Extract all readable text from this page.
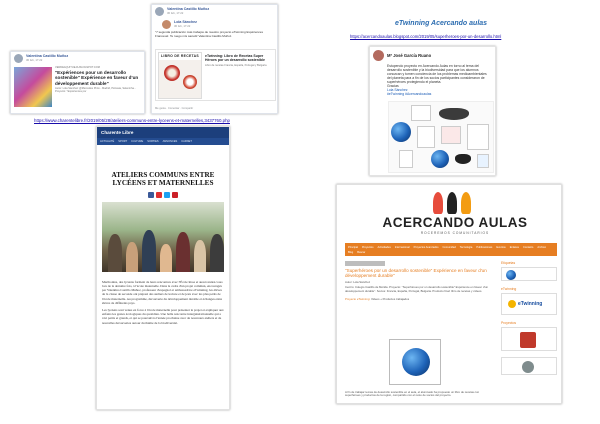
Valentina Castillo Muñoz
30 feb, 17:22
VERDEAQUITUEJA.BLOGSPOT.COM
"Expériences pour un desarrollo sostenible" Expérience en faveur d'un développement durable"
Autor: Lola Sánchez @Mercedes Pinto - Madrid, Pétrasia, Seleninha - Proyecto: "Expériences por
Valentina Castillo Muñoz
30 feb, 17:22
Lola Sánchez
30 feb, 17:22
"7 segunda publicación más trabajos de nuestro proyecto eTwinning Expériences Francesa!. Te ruego mis sacudir Valentina Castillo Muñoz.
LIBRO DE RECETAS	eTwinning: Libro de Recetas Super Héroes por un desarrollo sostenible
Libro de recetas Francia, España, Portugal y Bulgaria
Me gusta · Comentar · Compartir
https://www.charentelibre.fr/2019/05/28/ateliers-communs-entre-lyceens-et-maternelles,3437760.php
eTwinning Acercando aulas
https://acercandoaulas.blogspot.com/2019/05/superheroes-por-un-desarrollo.html
Mª José García Ruano
Estupendo proyecto en Acercando Aulas en torno al tema del desarrollo sostenible y la biodiversidad para que los alumnos conozcan y tomen conciencia de los problemas medioambientales del planeta para a fin de los socios participantes consideraron de superhéroes protegiendo el planeta.
Gracias
Lola Sánchez
#eTwinning #Acercandoaulas
Charente Libre
ACTUALITÉ SPORT CULTURE SORTIES ANNONCES CARNET
ATELIERS COMMUNS ENTRE LYCÉENS ET MATERNELLES

Marthonins, des lycéens forment de leurs rencontres avec l'École Rose et aussi rendez-vous lors de la dernière fois, à l'école maternelle. Dans le cadre d'un projet commun, encouragés par Valentina Castillo Muñoz, professeur d'espagnol et ambassadrice eTwinning, les élèves de la classe de seconde ont préparé des ateliers de lecture et de jeux avec les plus petits de l'école maternelle. Au programme, découverte du développement durable et échanges entre élèves de différents pays.

Les lycéens sont venus en force à l'école maternelle pour présenter le projet et expliquer aux enfants les gestes écologiques du quotidien. Une belle rencontre intergénérationnelle qui a ravi petits et grands, et qui se poursuivra l'année prochaine avec de nouveaux ateliers et de nouvelles découvertes autour du thème de la biodiversité.

ACERCANDO AULAS
ROCEREMOS COMUNITARIOS
Principal Proyectos Actividades Internacional Proyectos Avanzados Comunidad Tecnología Publicaciones Eventos Enlaces Contacto Archivo
Blog Buscar
"Superhéroes por un desarrollo sostenible" Expérience en faveur d'un développement durable"
Autor: Lola Sánchez
Centro: Colegio Castillo de Mérida. Proyecto: "Superhéroes por un desarrollo sostenible" Expérience en faveur d'un développement durable". Socios: Francia, España, Portugal, Bulgaria. Producto final: libro de recetas y vídeos.
Proyecto eTwinning: Videos + Productos trabajados
Etiquetas
eTwinning
eTwinning
Proyectos
A fin de trabajar temas de desarrollo sostenible en el aula, el alumnado ha propuesto un libro de recetas con superhéroes y productos de la región, compartido con el resto de socios del proyecto.
